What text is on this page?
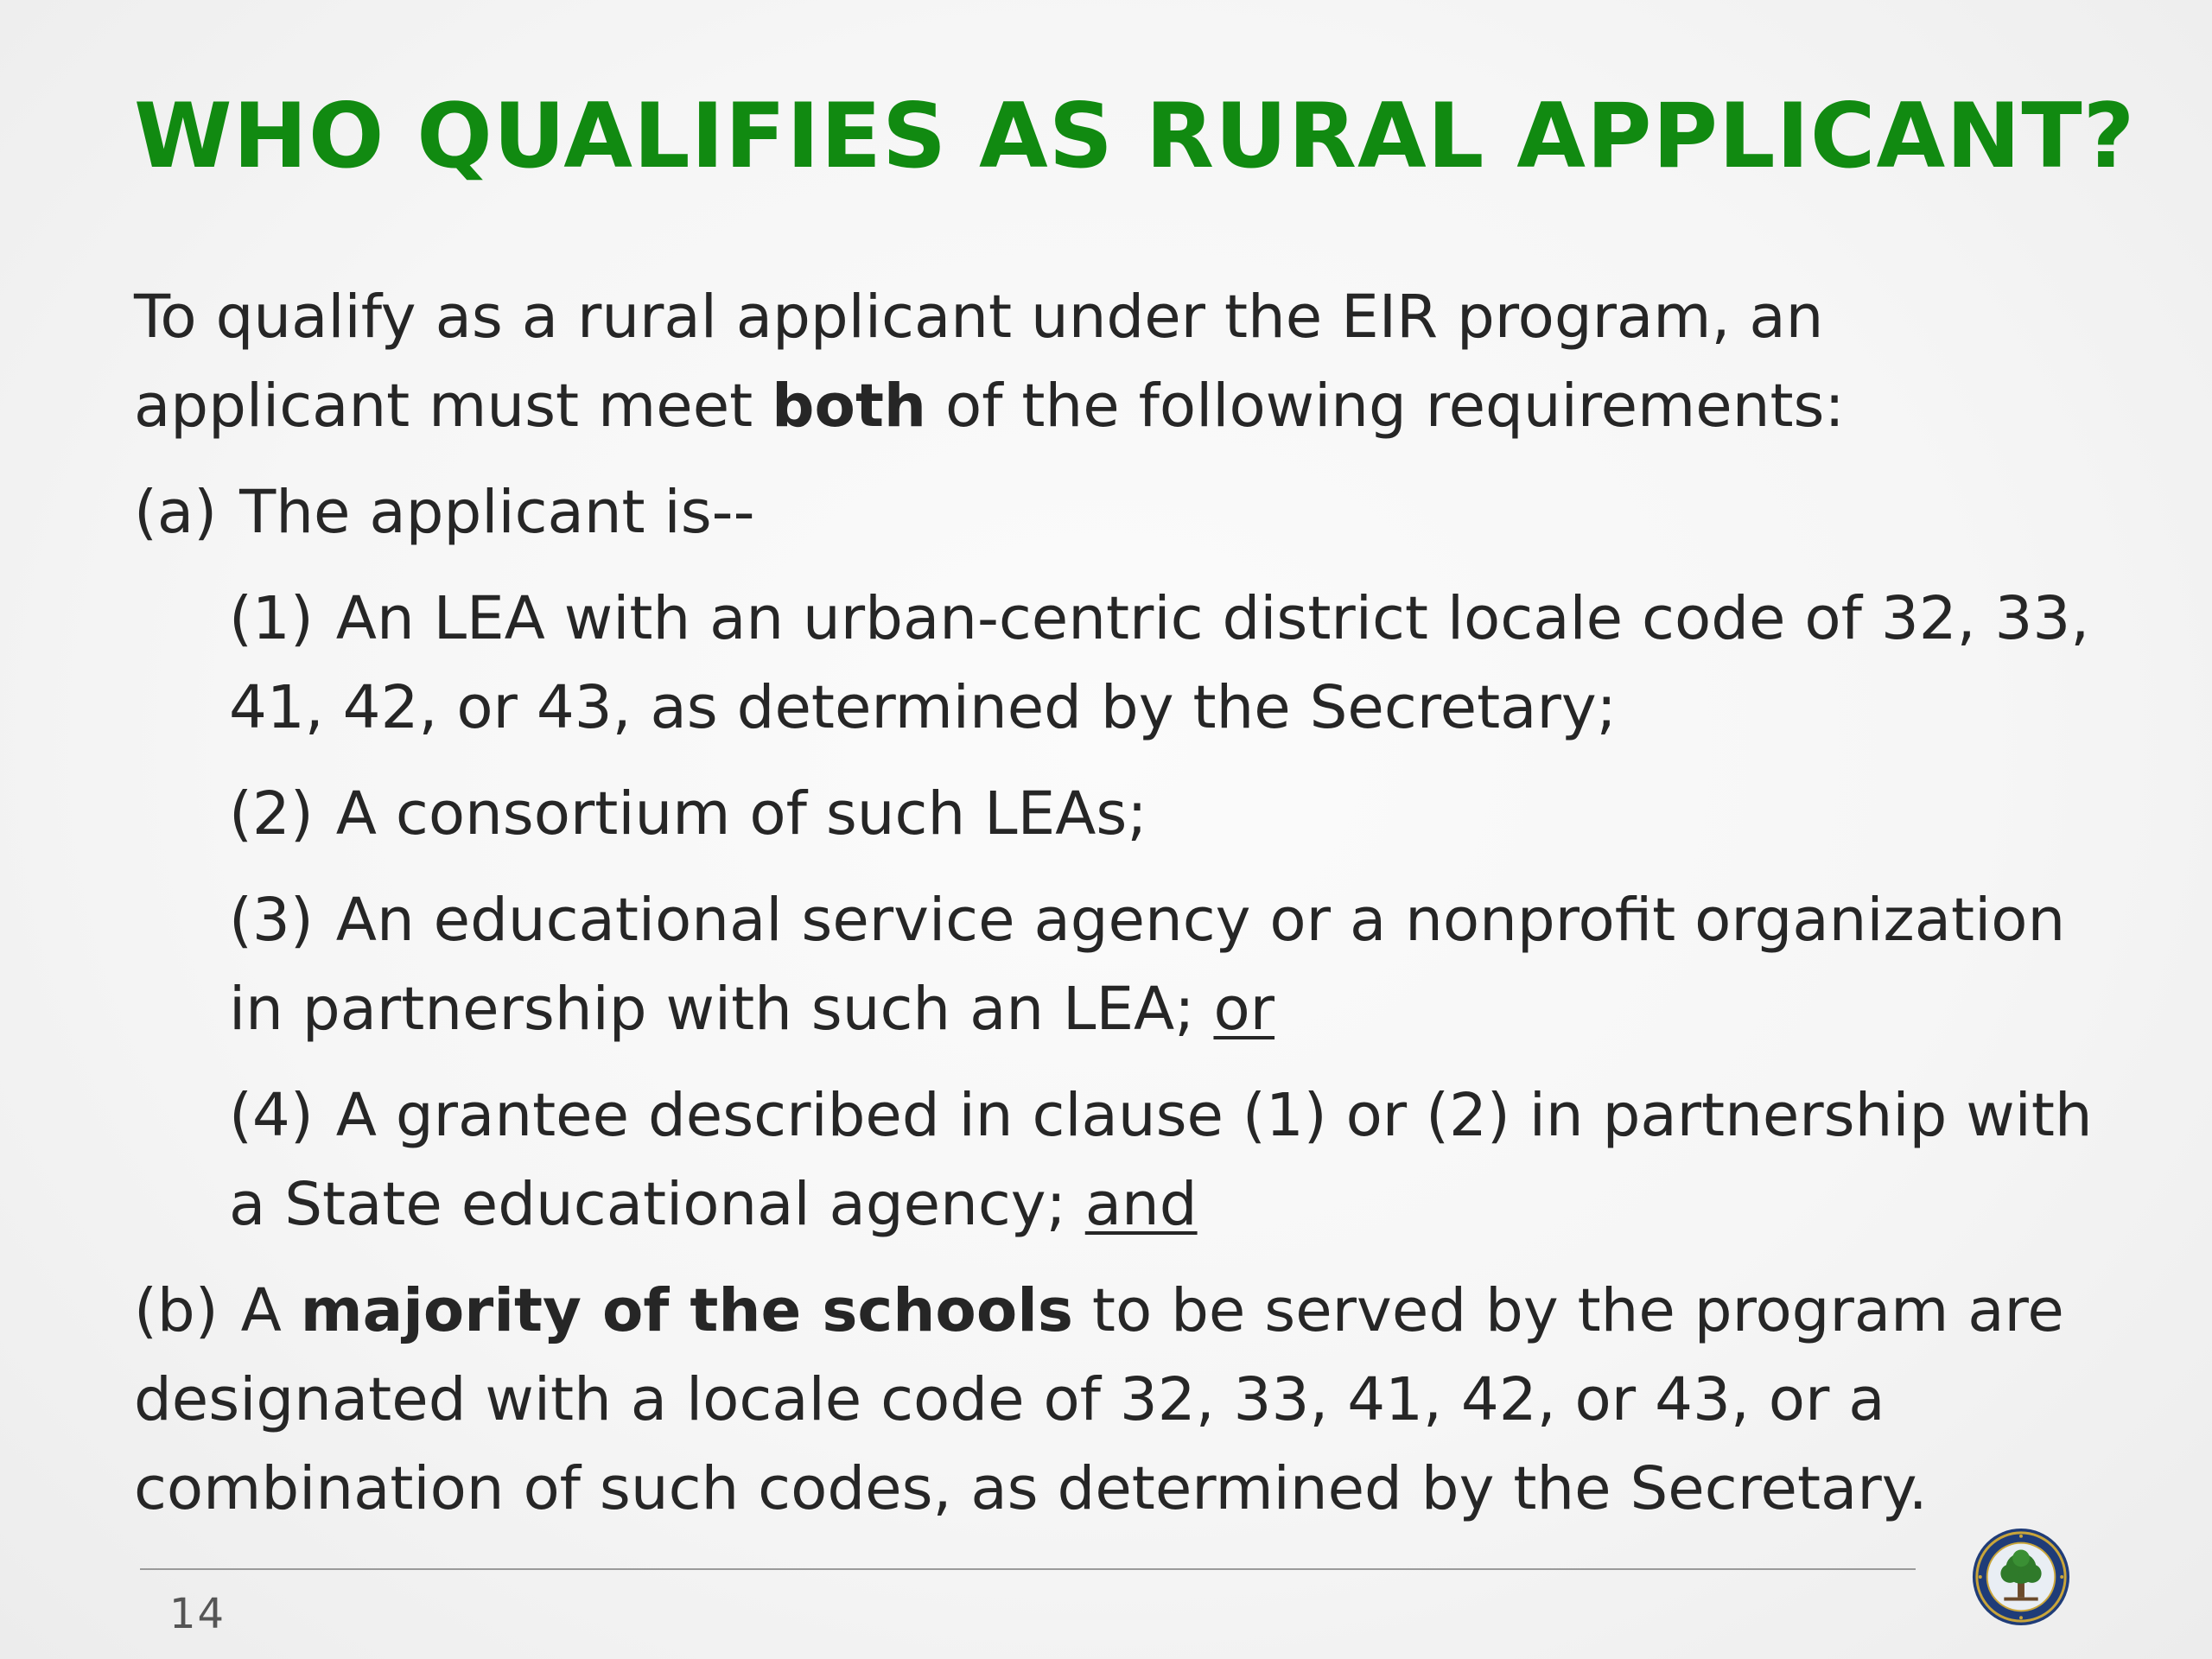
WHO QUALIFIES AS RURAL APPLICANT?

To qualify as a rural applicant under the EIR program, an applicant must meet both of the following requirements:

(a) The applicant is--

(1) An LEA with an urban-centric district locale code of 32, 33, 41, 42, or 43, as determined by the Secretary;

(2) A consortium of such LEAs;

(3) An educational service agency or a nonprofit organization in partnership with such an LEA; or

(4) A grantee described in clause (1) or (2) in partnership with a State educational agency; and

(b) A majority of the schools to be served by the program are designated with a locale code of 32, 33, 41, 42, or 43, or a combination of such codes, as determined by the Secretary.

14
